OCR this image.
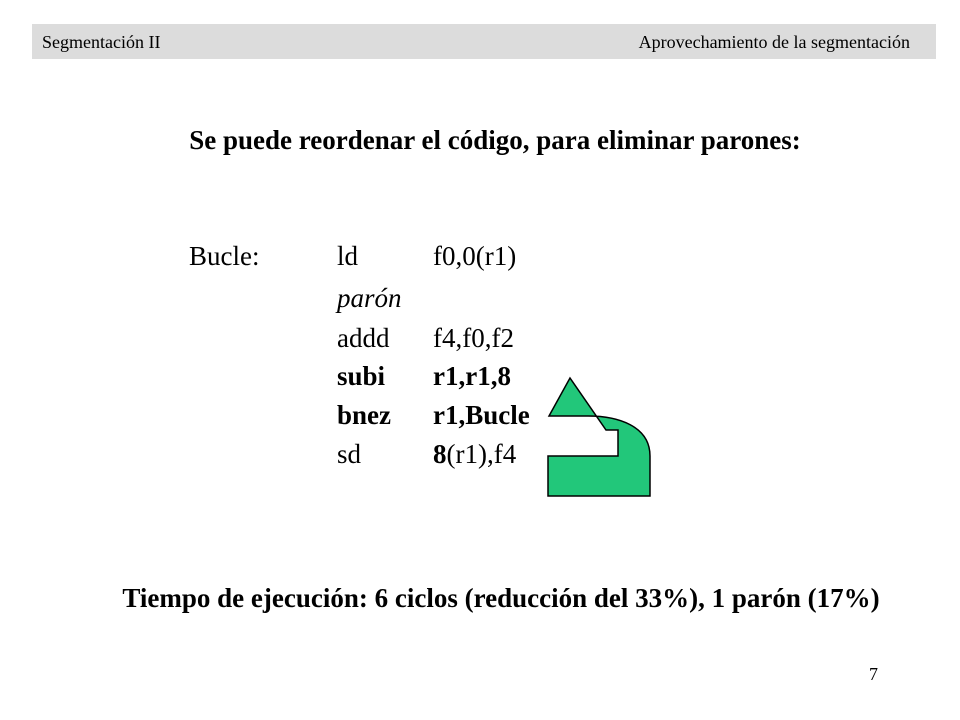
Segmentación II	Aprovechamiento de la segmentación
Se puede reordenar el código, para eliminar parones:
Bucle:	ld	f0,0(r1)
parón
addd f4,f0,f2
subi r1,r1,8
bnez r1,Bucle
sd	8(r1),f4
Tiempo de ejecución: 6 ciclos (reducción del 33%), 1 parón (17%)
7
